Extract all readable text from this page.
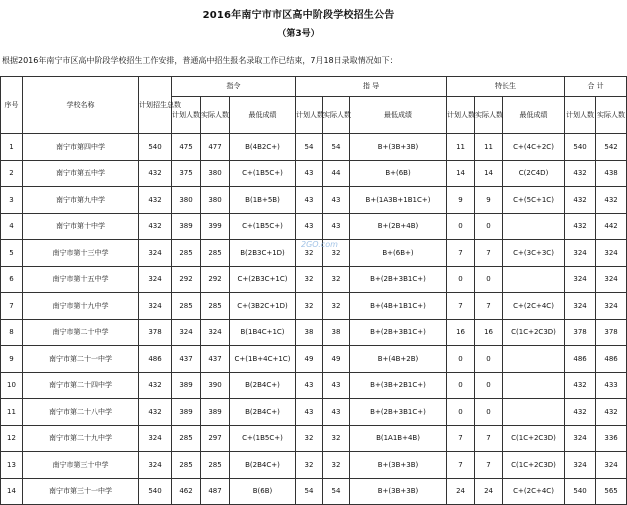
2016年南宁市市区高中阶段学校招生公告
（第3号）
根据2016年南宁市区高中阶段学校招生工作安排，普通高中招生报名录取工作已结束，7月18日录取情况如下：
序号	学校名称	计划招生总数	指令			指 导			特长生			合 计	
			计划人数	实际人数	最低成绩	计划人数	实际人数	最低成绩	计划人数	实际人数	最低成绩	计划人数	实际人数
1	南宁市第四中学	540	475	477	B(4B2C+)	54	54	B+(3B+3B)	11	11	C+(4C+2C)	540	542
2	南宁市第五中学	432	375	380	C+(1B5C+)	43	44	B+(6B)	14	14	C(2C4D)	432	438
3	南宁市第九中学	432	380	380	B(1B+5B)	43	43	B+(1A3B+1B1C+)	9	9	C+(5C+1C)	432	432
4	南宁市第十中学	432	389	399	C+(1B5C+)	43	43	B+(2B+4B)	0	0		432	442
5	南宁市第十三中学	324	285	285	B(2B3C+1D)	32	32	B+(6B+)	7	7	C+(3C+3C)	324	324
6	南宁市第十五中学	324	292	292	C+(2B3C+1C)	32	32	B+(2B+3B1C+)	0	0		324	324
7	南宁市第十九中学	324	285	285	C+(3B2C+1D)	32	32	B+(4B+1B1C+)	7	7	C+(2C+4C)	324	324
8	南宁市第二十中学	378	324	324	B(1B4C+1C)	38	38	B+(2B+3B1C+)	16	16	C(1C+2C3D)	378	378
9	南宁市第二十一中学	486	437	437	C+(1B+4C+1C)	49	49	B+(4B+2B)	0	0		486	486
10	南宁市第二十四中学	432	389	390	B(2B4C+)	43	43	B+(3B+2B1C+)	0	0		432	433
11	南宁市第二十八中学	432	389	389	B(2B4C+)	43	43	B+(2B+3B1C+)	0	0		432	432
12	南宁市第二十九中学	324	285	297	C+(1B5C+)	32	32	B(1A1B+4B)	7	7	C(1C+2C3D)	324	336
13	南宁市第三十中学	324	285	285	B(2B4C+)	32	32	B+(3B+3B)	7	7	C(1C+2C3D)	324	324
14	南宁市第三十一中学	540	462	487	B(6B)	54	54	B+(3B+3B)	24	24	C+(2C+4C)	540	565
2GO.com
